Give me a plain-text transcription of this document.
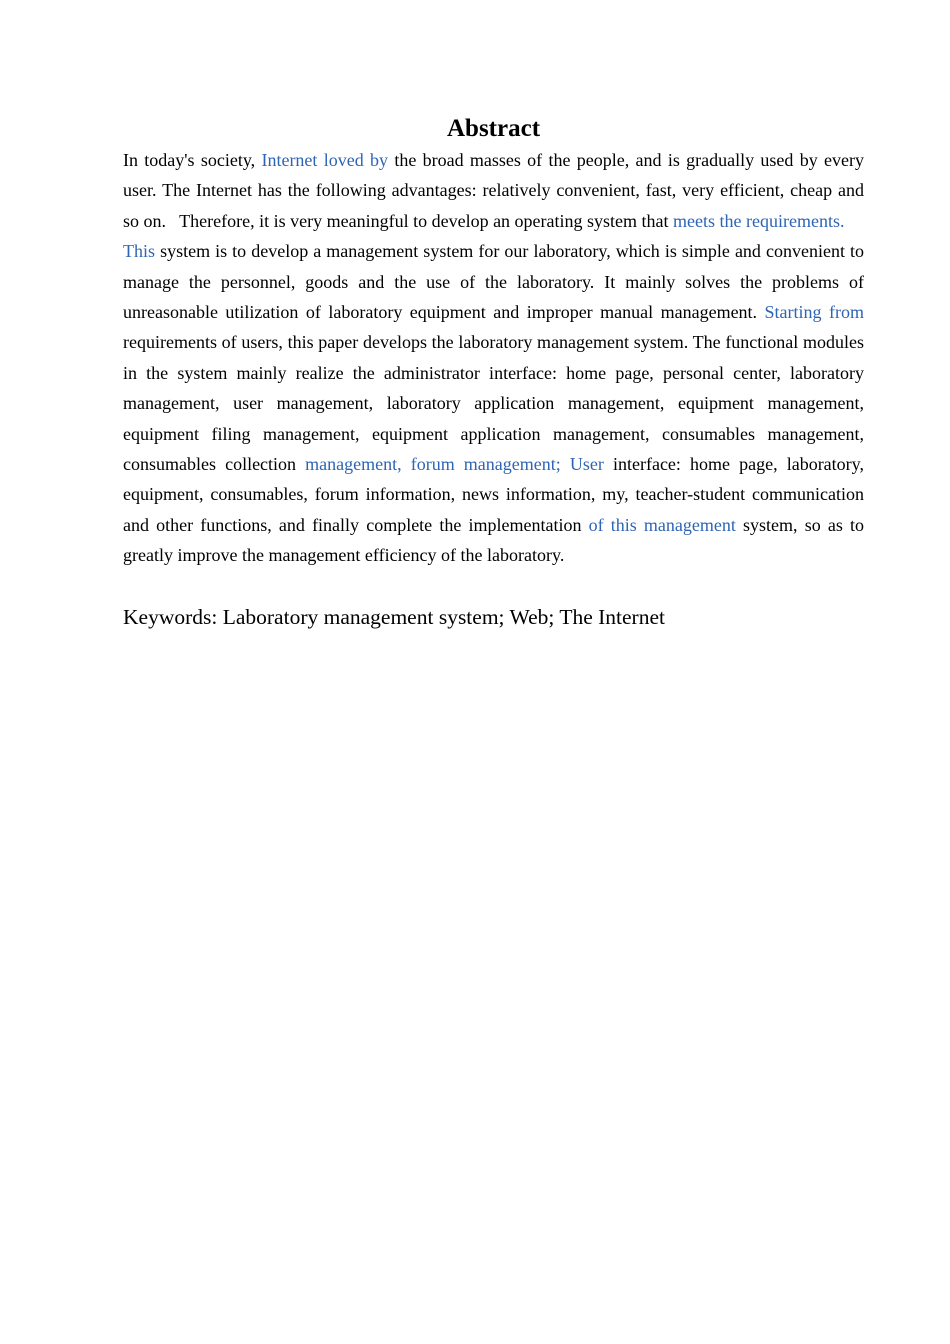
Abstract

In today's society, Internet loved by the broad masses of the people, and is gradually used by every user. The Internet has the following advantages: relatively convenient, fast, very efficient, cheap and so on.   Therefore, it is very meaningful to develop an operating system that meets the requirements.

This system is to develop a management system for our laboratory, which is simple and convenient to manage the personnel, goods and the use of the laboratory. It mainly solves the problems of unreasonable utilization of laboratory equipment and improper manual management. Starting from requirements of users, this paper develops the laboratory management system. The functional modules in the system mainly realize the administrator interface: home page, personal center, laboratory management, user management, laboratory application management, equipment management, equipment filing management, equipment application management, consumables management, consumables collection management, forum management; User interface: home page, laboratory, equipment, consumables, forum information, news information, my, teacher-student communication and other functions, and finally complete the implementation of this management system, so as to greatly improve the management efficiency of the laboratory.

Keywords: Laboratory management system; Web; The Internet
